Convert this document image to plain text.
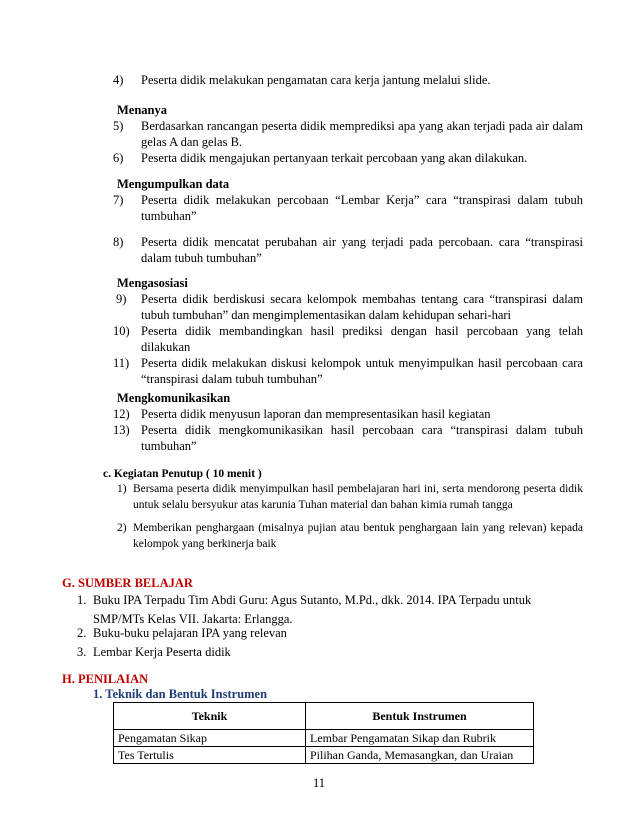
4) Peserta didik melakukan pengamatan cara kerja jantung melalui slide.
Menanya
5) Berdasarkan rancangan peserta didik memprediksi apa yang akan terjadi pada air dalam gelas A dan gelas B.
6) Peserta didik mengajukan pertanyaan terkait percobaan yang akan dilakukan.
Mengumpulkan data
7) Peserta didik melakukan percobaan “Lembar Kerja” cara “transpirasi dalam tubuh tumbuhan”
8) Peserta didik mencatat perubahan air yang terjadi pada percobaan. cara “transpirasi dalam tubuh tumbuhan”
Mengasosiasi
9) Peserta didik berdiskusi secara kelompok membahas tentang cara “transpirasi dalam tubuh tumbuhan” dan mengimplementasikan dalam kehidupan sehari-hari
10) Peserta didik membandingkan hasil prediksi dengan hasil percobaan yang telah dilakukan
11) Peserta didik melakukan diskusi kelompok untuk menyimpulkan hasil percobaan cara “transpirasi dalam tubuh tumbuhan”
Mengkomunikasikan
12) Peserta didik menyusun laporan dan mempresentasikan hasil kegiatan
13) Peserta didik mengkomunikasikan hasil percobaan cara “transpirasi dalam tubuh tumbuhan”
c. Kegiatan Penutup ( 10 menit )
1) Bersama peserta didik menyimpulkan hasil pembelajaran hari ini, serta mendorong peserta didik untuk selalu bersyukur atas karunia Tuhan material dan bahan kimia rumah tangga
2) Memberikan penghargaan (misalnya pujian atau bentuk penghargaan lain yang relevan) kepada kelompok yang berkinerja baik
G. SUMBER BELAJAR
1. Buku IPA Terpadu Tim Abdi Guru: Agus Sutanto, M.Pd., dkk. 2014. IPA Terpadu untuk
SMP/MTs Kelas VII. Jakarta: Erlangga.
2. Buku-buku pelajaran IPA yang relevan
3. Lembar Kerja Peserta didik
H. PENILAIAN
1. Teknik dan Bentuk Instrumen
Teknik	Bentuk Instrumen
Pengamatan Sikap	Lembar Pengamatan Sikap dan Rubrik
Tes Tertulis	Pilihan Ganda, Memasangkan, dan Uraian
11
